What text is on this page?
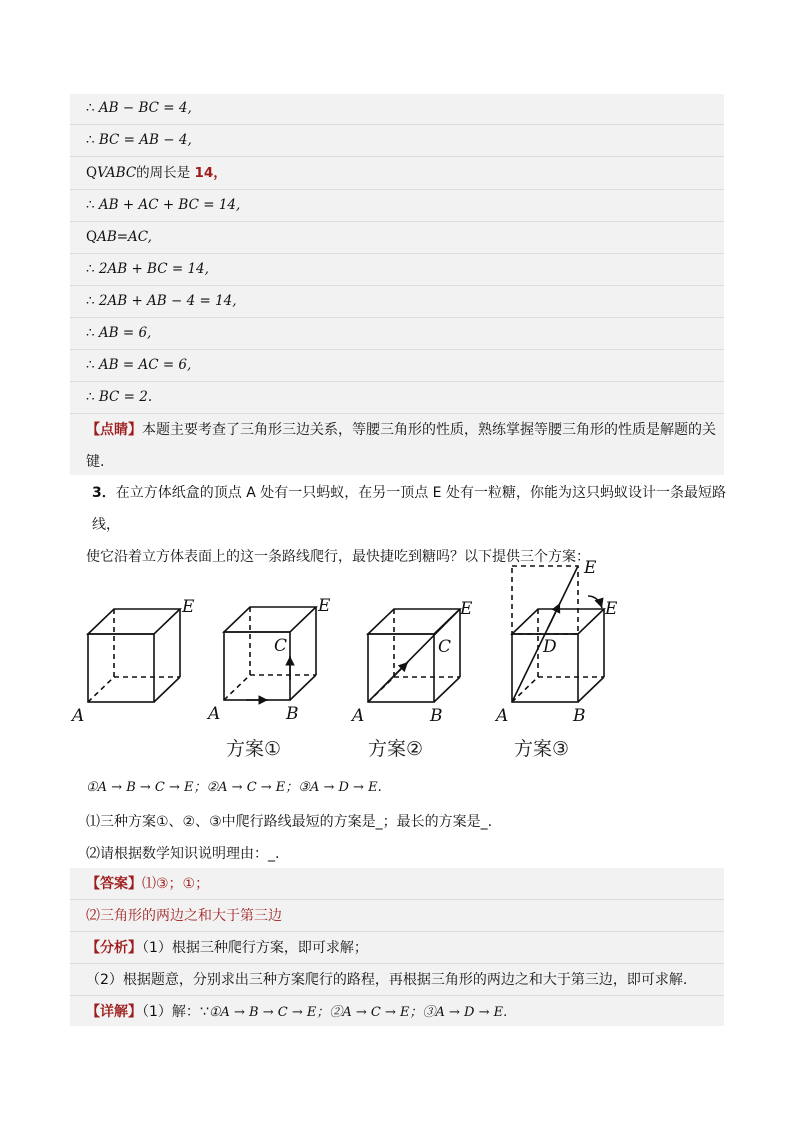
∴ AB − BC = 4,
∴ BC = AB − 4,
QVABC的周长是 14，
∴ AB + AC + BC = 14,
QAB=AC,
∴ 2AB + BC = 14,
∴ 2AB + AB − 4 = 14,
∴ AB = 6,
∴ AB = AC = 6,
∴ BC = 2.
【点睛】本题主要考查了三角形三边关系，等腰三角形的性质，熟练掌握等腰三角形的性质是解题的关
键.
3．在立方体纸盒的顶点 A 处有一只蚂蚁，在另一顶点 E 处有一粒糖，你能为这只蚂蚁设计一条最短路线，
使它沿着立方体表面上的这一条路线爬行，最快捷吃到糖吗？以下提供三个方案：
A
E
A	B
C
E
方案①
A	B
C
E
方案②
A	B
D
E
E
方案③
①A → B → C → E；②A → C → E；③A → D → E.
⑴三种方案①、②、③中爬行路线最短的方案是_；最长的方案是_.
⑵请根据数学知识说明理由：_.
【答案】⑴③；①；
⑵三角形的两边之和大于第三边
【分析】（1）根据三种爬行方案，即可求解；
（2）根据题意，分别求出三种方案爬行的路程，再根据三角形的两边之和大于第三边，即可求解.
【详解】（1）解：∵①A → B → C → E；②A → C → E；③A → D → E.
